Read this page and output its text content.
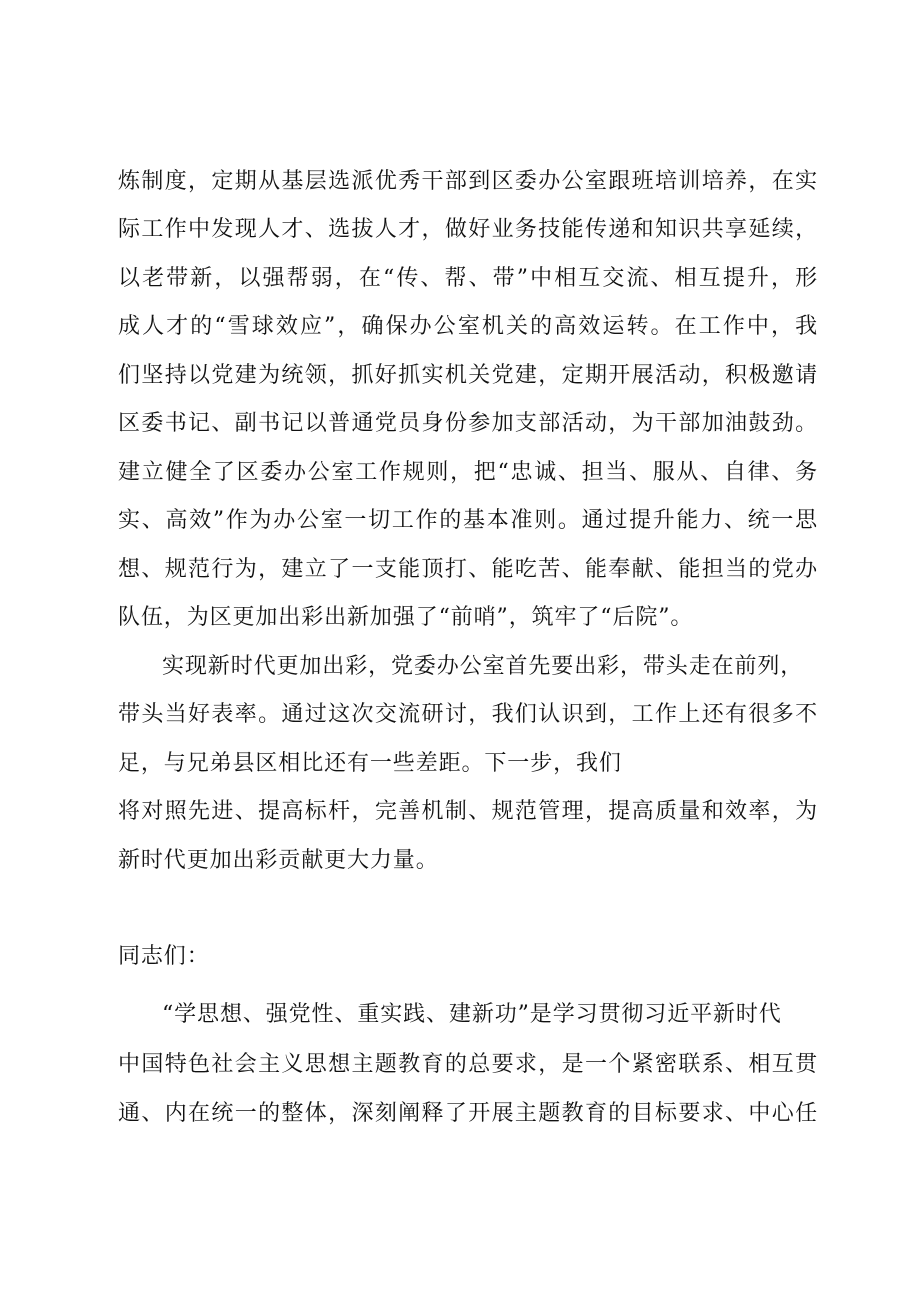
炼制度，定期从基层选派优秀干部到区委办公室跟班培训培养，在实
际工作中发现人才、选拔人才，做好业务技能传递和知识共享延续，
以老带新，以强帮弱，在“传、帮、带”中相互交流、相互提升，形
成人才的“雪球效应”，确保办公室机关的高效运转。在工作中，我
们坚持以党建为统领，抓好抓实机关党建，定期开展活动，积极邀请
区委书记、副书记以普通党员身份参加支部活动，为干部加油鼓劲。
建立健全了区委办公室工作规则，把“忠诚、担当、服从、自律、务
实、高效”作为办公室一切工作的基本准则。通过提升能力、统一思
想、规范行为，建立了一支能顶打、能吃苦、能奉献、能担当的党办
队伍，为区更加出彩出新加强了“前哨”，筑牢了“后院”。
实现新时代更加出彩，党委办公室首先要出彩，带头走在前列，
带头当好表率。通过这次交流研讨，我们认识到，工作上还有很多不
足，与兄弟县区相比还有一些差距。下一步，我们
将对照先进、提高标杆，完善机制、规范管理，提高质量和效率，为
新时代更加出彩贡献更大力量。
同志们：
“学思想、强党性、重实践、建新功”是学习贯彻习近平新时代
中国特色社会主义思想主题教育的总要求，是一个紧密联系、相互贯
通、内在统一的整体，深刻阐释了开展主题教育的目标要求、中心任
